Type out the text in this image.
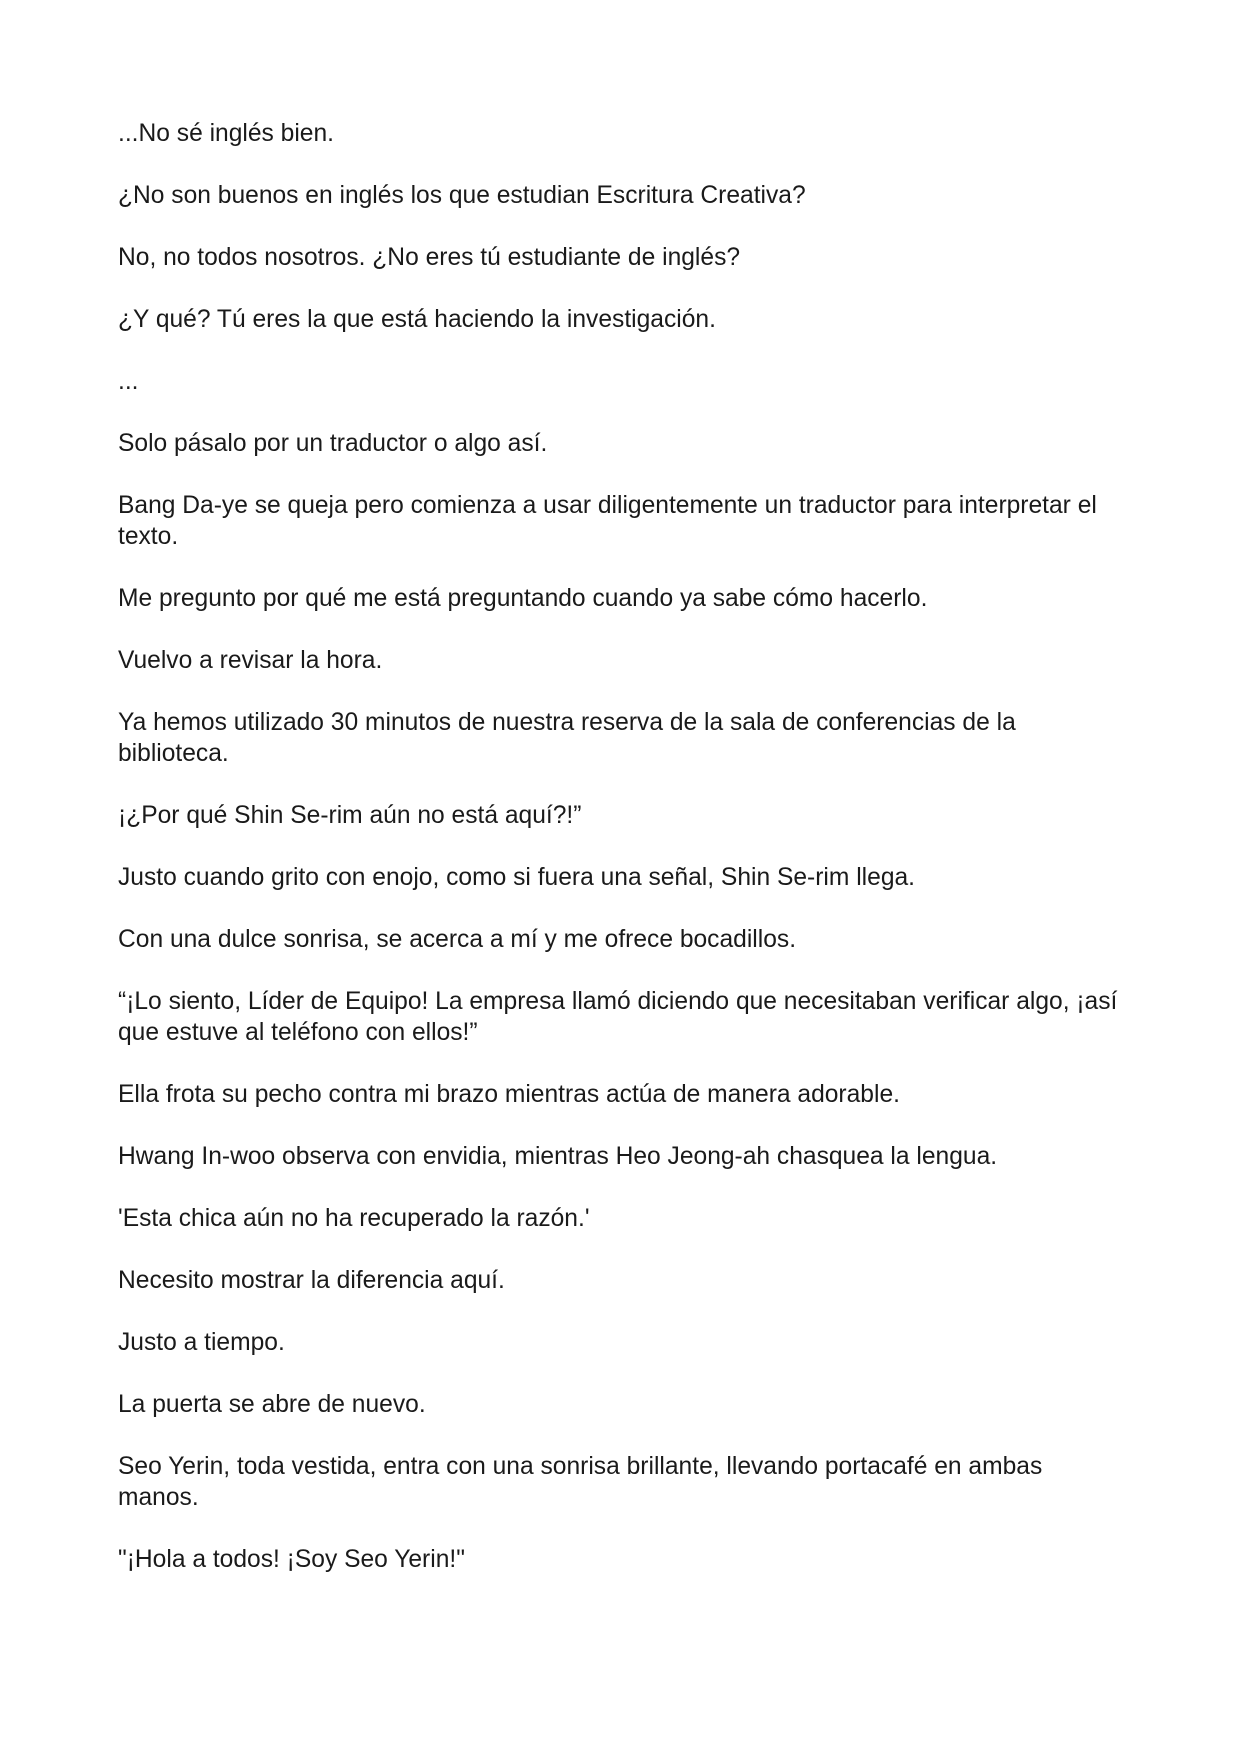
...No sé inglés bien.

¿No son buenos en inglés los que estudian Escritura Creativa?

No, no todos nosotros. ¿No eres tú estudiante de inglés?

¿Y qué? Tú eres la que está haciendo la investigación.

...

Solo pásalo por un traductor o algo así.

Bang Da-ye se queja pero comienza a usar diligentemente un traductor para interpretar el texto.

Me pregunto por qué me está preguntando cuando ya sabe cómo hacerlo.

Vuelvo a revisar la hora.

Ya hemos utilizado 30 minutos de nuestra reserva de la sala de conferencias de la biblioteca.

¡¿Por qué Shin Se-rim aún no está aquí?!”

Justo cuando grito con enojo, como si fuera una señal, Shin Se-rim llega.

Con una dulce sonrisa, se acerca a mí y me ofrece bocadillos.

“¡Lo siento, Líder de Equipo! La empresa llamó diciendo que necesitaban verificar algo, ¡así que estuve al teléfono con ellos!”

Ella frota su pecho contra mi brazo mientras actúa de manera adorable.

Hwang In-woo observa con envidia, mientras Heo Jeong-ah chasquea la lengua.

'Esta chica aún no ha recuperado la razón.'

Necesito mostrar la diferencia aquí.

Justo a tiempo.

La puerta se abre de nuevo.

Seo Yerin, toda vestida, entra con una sonrisa brillante, llevando portacafé en ambas manos.

"¡Hola a todos! ¡Soy Seo Yerin!"
